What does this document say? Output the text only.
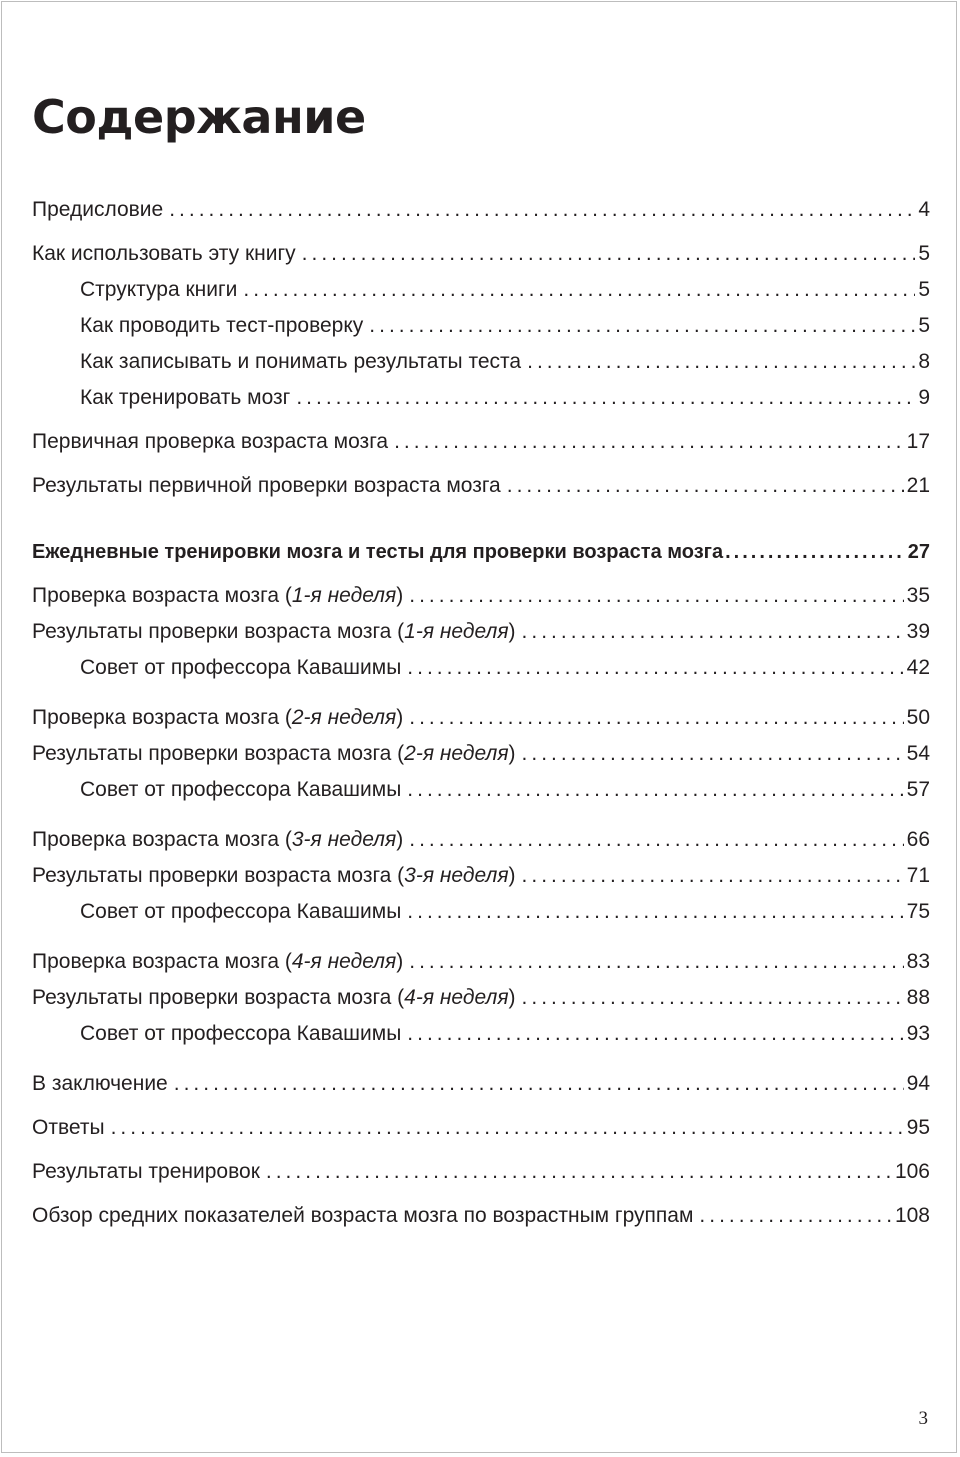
Содержание
Предисловие .....	4
Как использовать эту книгу .....	5
Структура книги .....	5
Как проводить тест-проверку .....	5
Как записывать и понимать результаты теста .....	8
Как тренировать мозг .....	9
Первичная проверка возраста мозга .....	17
Результаты первичной проверки возраста мозга .....	21
Ежедневные тренировки мозга и тесты для проверки возраста мозга .....	27
Проверка возраста мозга (1-я неделя) .....	35
Результаты проверки возраста мозга (1-я неделя) .....	39
Совет от профессора Кавашимы .....	42
Проверка возраста мозга (2-я неделя) .....	50
Результаты проверки возраста мозга (2-я неделя) .....	54
Совет от профессора Кавашимы .....	57
Проверка возраста мозга (3-я неделя) .....	66
Результаты проверки возраста мозга (3-я неделя) .....	71
Совет от профессора Кавашимы .....	75
Проверка возраста мозга (4-я неделя) .....	83
Результаты проверки возраста мозга (4-я неделя) .....	88
Совет от профессора Кавашимы .....	93
В заключение .....	94
Ответы .....	95
Результаты тренировок .....	106
Обзор средних показателей возраста мозга по возрастным группам .....	108
3
